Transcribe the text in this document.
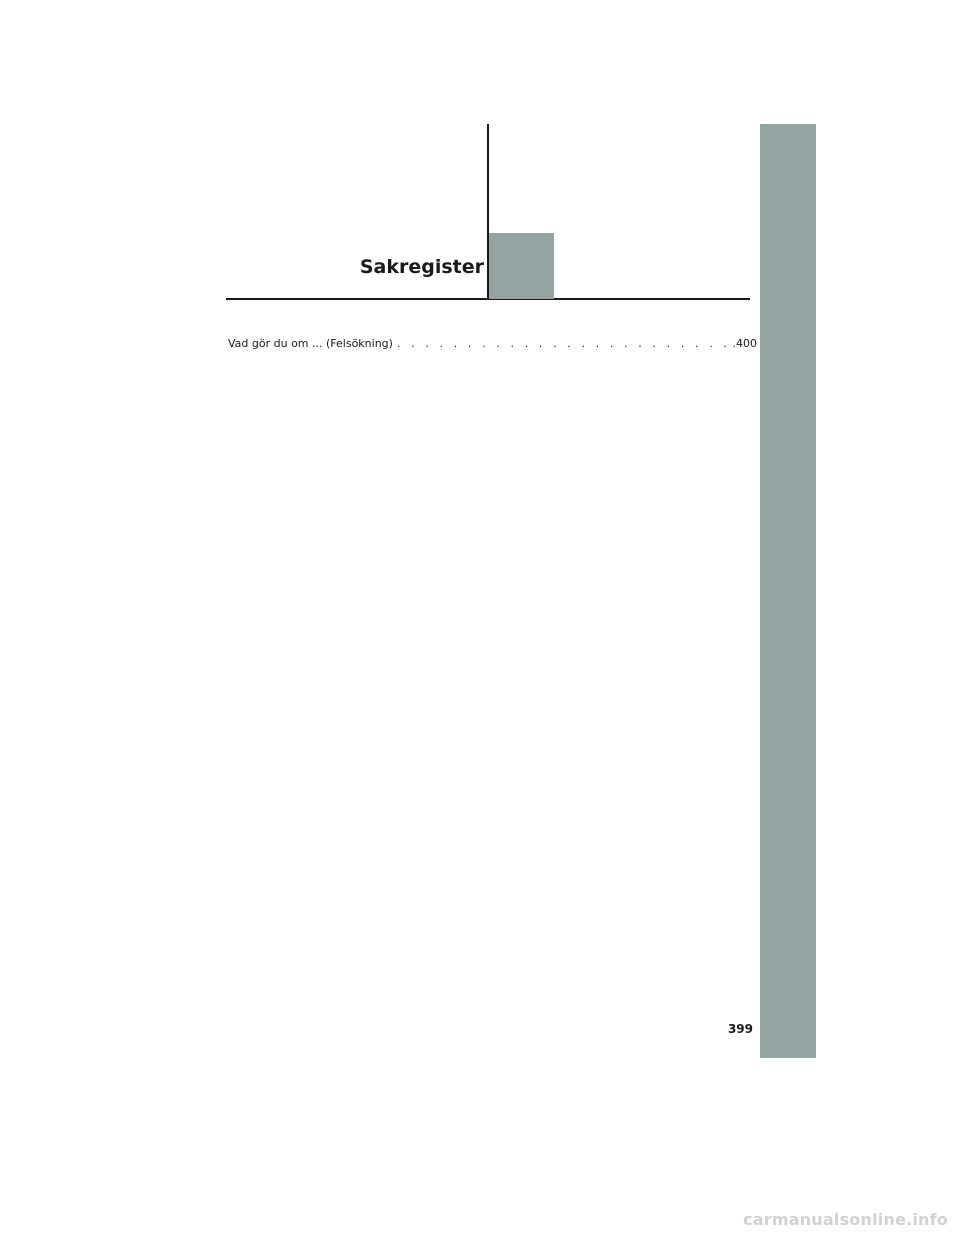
Sakregister
Vad gör du om ... (Felsökning) . . . . . . . . . . . . . . . . . . . . . . . . .400
399
carmanualsonline.info
